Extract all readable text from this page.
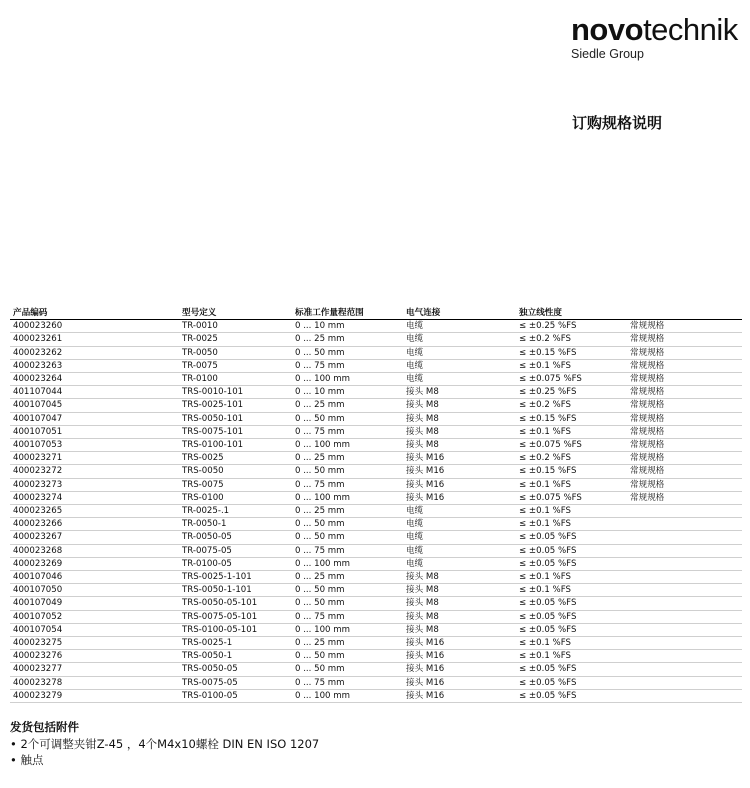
novotechnik
Siedle Group
订购规格说明
产品编码	型号定义	标准工作量程范围	电气连接	独立线性度	
400023260	TR-0010	0 ... 10 mm	电缆	≤ ±0.25 %FS	常规规格
400023261	TR-0025	0 ... 25 mm	电缆	≤ ±0.2 %FS	常规规格
400023262	TR-0050	0 ... 50 mm	电缆	≤ ±0.15 %FS	常规规格
400023263	TR-0075	0 ... 75 mm	电缆	≤ ±0.1 %FS	常规规格
400023264	TR-0100	0 ... 100 mm	电缆	≤ ±0.075 %FS	常规规格
401107044	TRS-0010-101	0 ... 10 mm	接头 M8	≤ ±0.25 %FS	常规规格
400107045	TRS-0025-101	0 ... 25 mm	接头 M8	≤ ±0.2 %FS	常规规格
400107047	TRS-0050-101	0 ... 50 mm	接头 M8	≤ ±0.15 %FS	常规规格
400107051	TRS-0075-101	0 ... 75 mm	接头 M8	≤ ±0.1 %FS	常规规格
400107053	TRS-0100-101	0 ... 100 mm	接头 M8	≤ ±0.075 %FS	常规规格
400023271	TRS-0025	0 ... 25 mm	接头 M16	≤ ±0.2 %FS	常规规格
400023272	TRS-0050	0 ... 50 mm	接头 M16	≤ ±0.15 %FS	常规规格
400023273	TRS-0075	0 ... 75 mm	接头 M16	≤ ±0.1 %FS	常规规格
400023274	TRS-0100	0 ... 100 mm	接头 M16	≤ ±0.075 %FS	常规规格
400023265	TR-0025-.1	0 ... 25 mm	电缆	≤ ±0.1 %FS	
400023266	TR-0050-1	0 ... 50 mm	电缆	≤ ±0.1 %FS	
400023267	TR-0050-05	0 ... 50 mm	电缆	≤ ±0.05 %FS	
400023268	TR-0075-05	0 ... 75 mm	电缆	≤ ±0.05 %FS	
400023269	TR-0100-05	0 ... 100 mm	电缆	≤ ±0.05 %FS	
400107046	TRS-0025-1-101	0 ... 25 mm	接头 M8	≤ ±0.1 %FS	
400107050	TRS-0050-1-101	0 ... 50 mm	接头 M8	≤ ±0.1 %FS	
400107049	TRS-0050-05-101	0 ... 50 mm	接头 M8	≤ ±0.05 %FS	
400107052	TRS-0075-05-101	0 ... 75 mm	接头 M8	≤ ±0.05 %FS	
400107054	TRS-0100-05-101	0 ... 100 mm	接头 M8	≤ ±0.05 %FS	
400023275	TRS-0025-1	0 ... 25 mm	接头 M16	≤ ±0.1 %FS	
400023276	TRS-0050-1	0 ... 50 mm	接头 M16	≤ ±0.1 %FS	
400023277	TRS-0050-05	0 ... 50 mm	接头 M16	≤ ±0.05 %FS	
400023278	TRS-0075-05	0 ... 75 mm	接头 M16	≤ ±0.05 %FS	
400023279	TRS-0100-05	0 ... 100 mm	接头 M16	≤ ±0.05 %FS	
发货包括附件
• 2个可调整夹钳Z-45 ，4个M4x10螺栓 DIN EN ISO 1207
• 触点
